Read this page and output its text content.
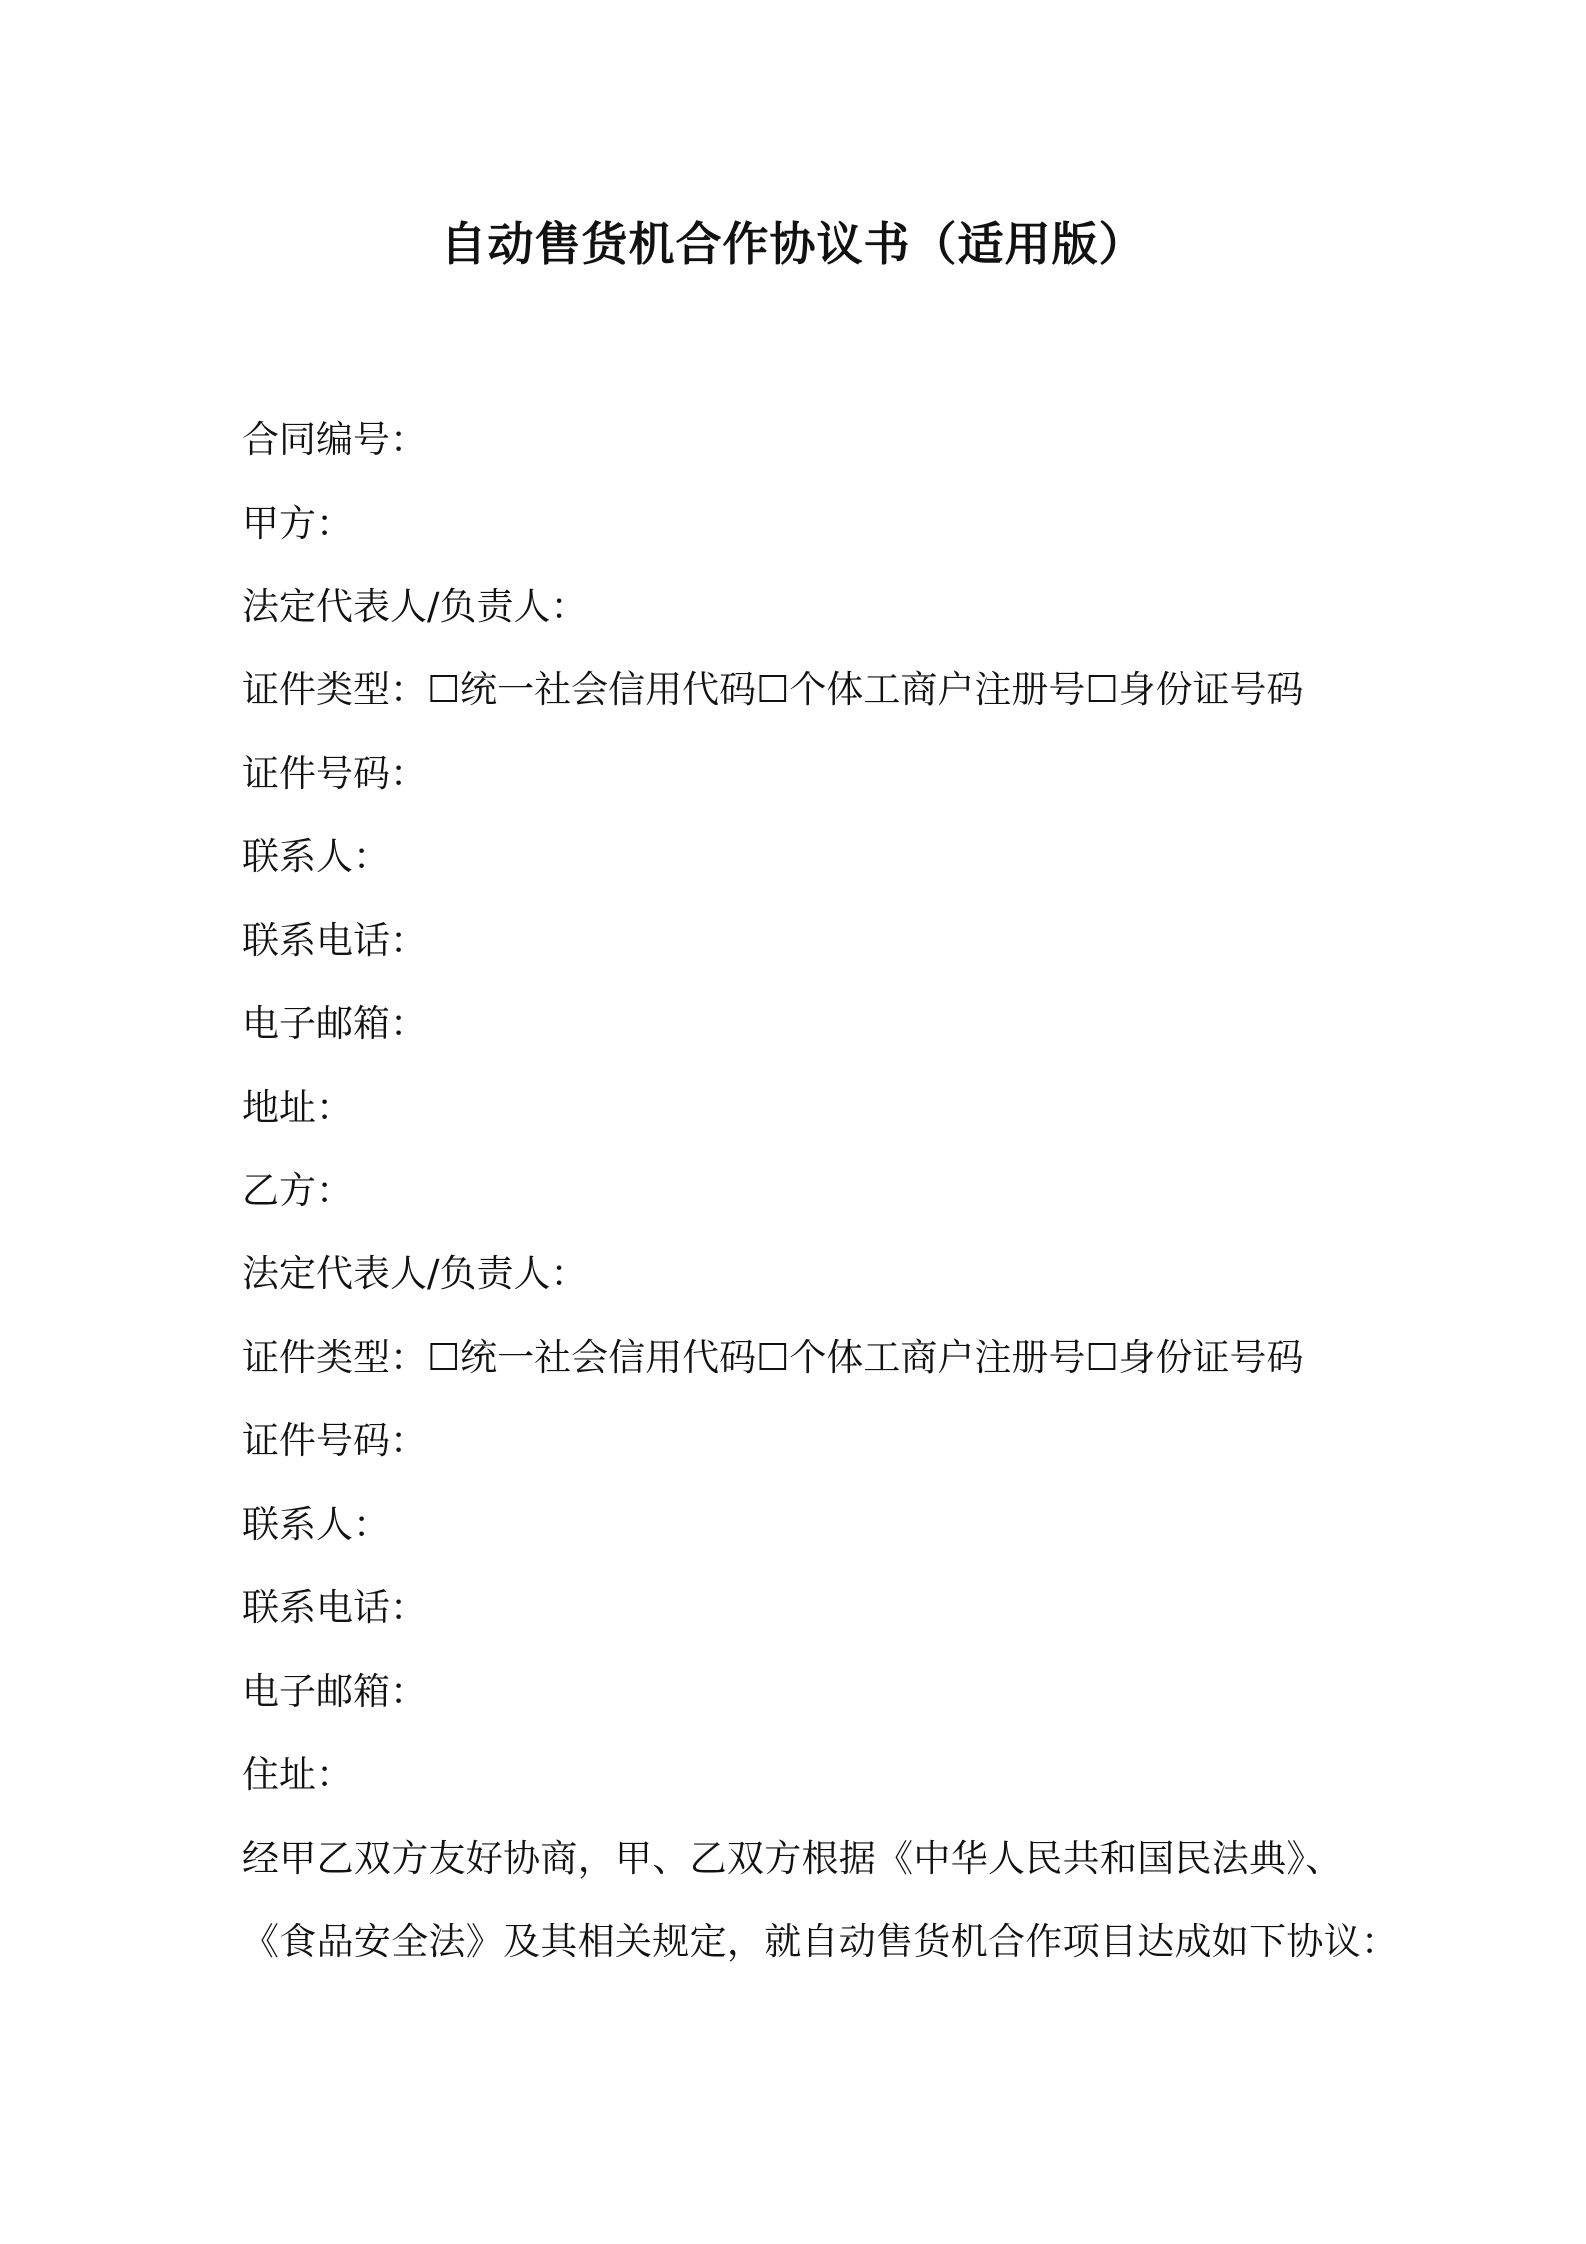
自动售货机合作协议书（适用版）
合同编号：
甲方：
法定代表人/负责人：
证件类型：☐统一社会信用代码☐个体工商户注册号☐身份证号码
证件号码：
联系人：
联系电话：
电子邮箱：
地址：
乙方：
法定代表人/负责人：
证件类型：☐统一社会信用代码☐个体工商户注册号☐身份证号码
证件号码：
联系人：
联系电话：
电子邮箱：
住址：
经甲乙双方友好协商，甲、乙双方根据《中华人民共和国民法典》、
《食品安全法》及其相关规定，就自动售货机合作项目达成如下协议：
